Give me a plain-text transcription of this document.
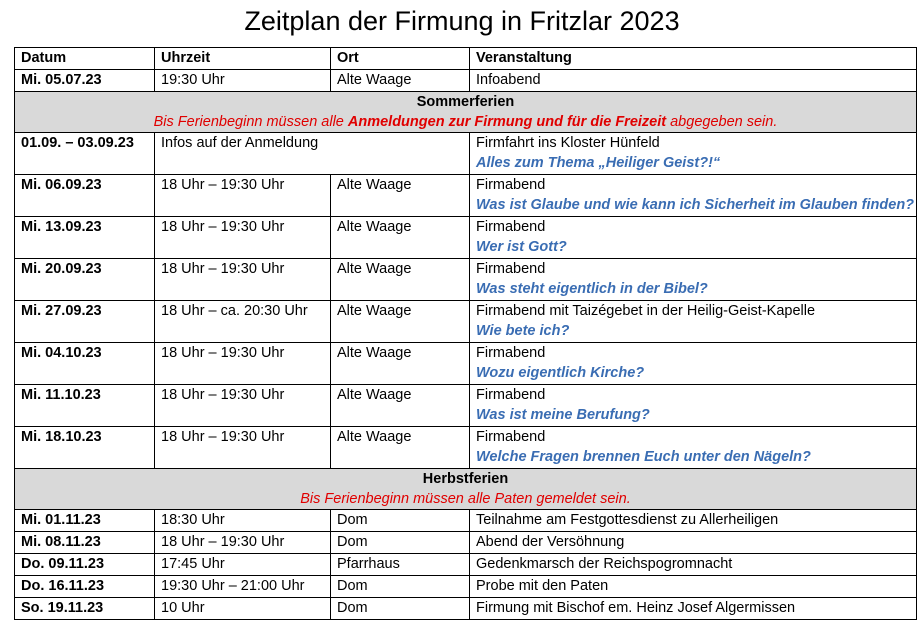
Zeitplan der Firmung in Fritzlar 2023
Datum	Uhrzeit	Ort	Veranstaltung
Mi. 05.07.23	19:30 Uhr	Alte Waage	Infoabend
Sommerferien			
Bis Ferienbeginn müssen alle Anmeldungen zur Firmung und für die Freizeit abgegeben sein.			
01.09. – 03.09.23	Infos auf der Anmeldung		Firmfahrt ins Kloster Hünfeld
Alles zum Thema „Heiliger Geist?!“

Mi. 06.09.23	18 Uhr – 19:30 Uhr	Alte Waage	Firmabend
Was ist Glaube und wie kann ich Sicherheit im Glauben finden?

Mi. 13.09.23	18 Uhr – 19:30 Uhr	Alte Waage	Firmabend
Wer ist Gott?

Mi. 20.09.23	18 Uhr – 19:30 Uhr	Alte Waage	Firmabend
Was steht eigentlich in der Bibel?

Mi. 27.09.23	18 Uhr – ca. 20:30 Uhr	Alte Waage	Firmabend mit Taizégebet in der Heilig-Geist-Kapelle
Wie bete ich?

Mi. 04.10.23	18 Uhr – 19:30 Uhr	Alte Waage	Firmabend
Wozu eigentlich Kirche?

Mi. 11.10.23	18 Uhr – 19:30 Uhr	Alte Waage	Firmabend
Was ist meine Berufung?

Mi. 18.10.23	18 Uhr – 19:30 Uhr	Alte Waage	Firmabend
Welche Fragen brennen Euch unter den Nägeln?

Herbstferien			
Bis Ferienbeginn müssen alle Paten gemeldet sein.			
Mi. 01.11.23	18:30 Uhr	Dom	Teilnahme am Festgottesdienst zu Allerheiligen
Mi. 08.11.23	18 Uhr – 19:30 Uhr	Dom	Abend der Versöhnung
Do. 09.11.23	17:45 Uhr	Pfarrhaus	Gedenkmarsch der Reichspogromnacht
Do. 16.11.23	19:30 Uhr – 21:00 Uhr	Dom	Probe mit den Paten
So. 19.11.23	10 Uhr	Dom	Firmung mit Bischof em. Heinz Josef Algermissen
